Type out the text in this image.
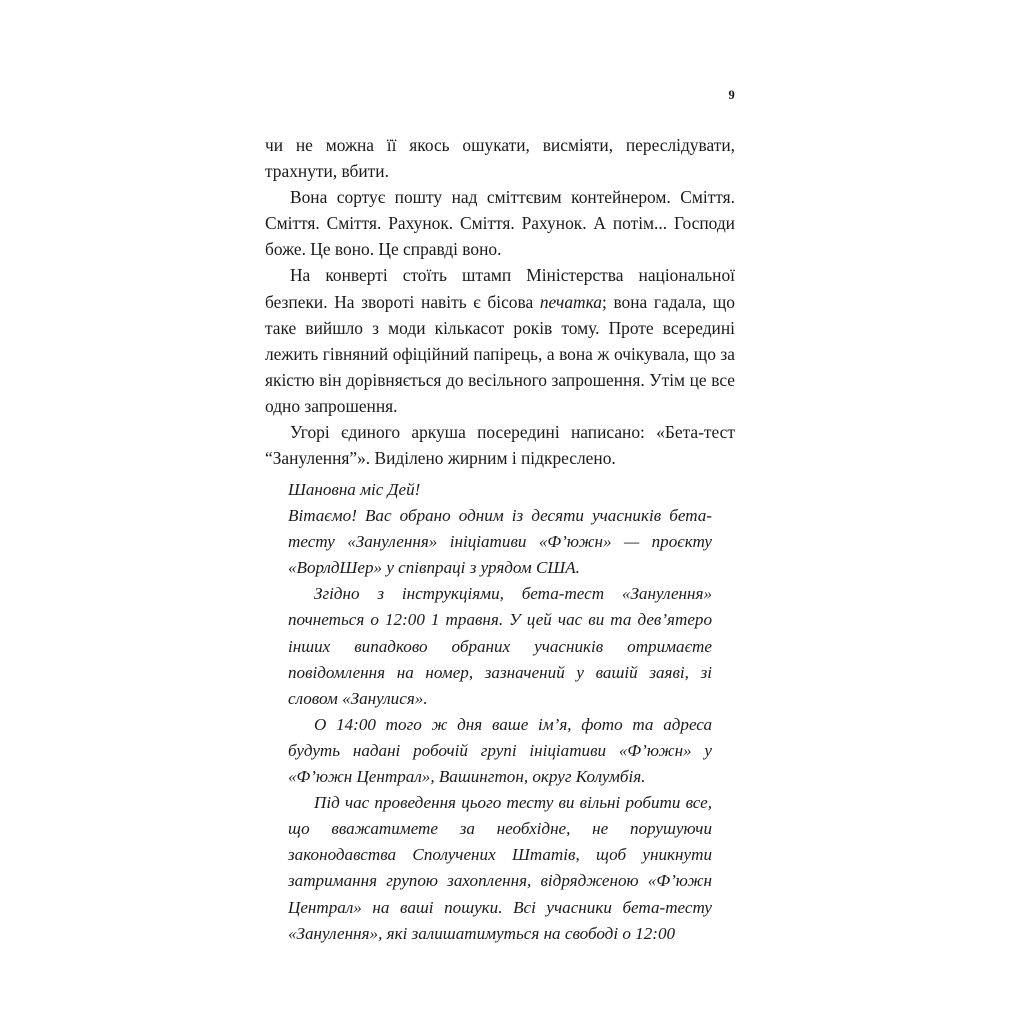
9

чи не можна її якось ошукати, висміяти, переслідувати, трахнути, вбити.

Вона сортує пошту над сміттєвим контейнером. Сміття. Сміття. Сміття. Рахунок. Сміття. Рахунок. А потім... Господи боже. Це воно. Це справді воно.

На конверті стоїть штамп Міністерства національної безпеки. На звороті навіть є бісова печатка; вона гадала, що таке вийшло з моди кількасот років тому. Проте всередині лежить гівняний офіційний папірець, а вона ж очікувала, що за якістю він дорівняється до весільного запрошення. Утім це все одно запрошення.

Угорі єдиного аркуша посередині написано: «Бета-тест “Занулення”». Виділено жирним і підкреслено.

Шановна міс Дей!

Вітаємо! Вас обрано одним із десяти учасників бета-тесту «Занулення» ініціативи «Ф’южн» — проєкту «ВорлдШер» у співпраці з урядом США.

Згідно з інструкціями, бета-тест «Занулення» почнеться о 12:00 1 травня. У цей час ви та дев’ятеро інших випадково обраних учасників отримаєте повідомлення на номер, зазначений у вашій заяві, зі словом «Занулися».

О 14:00 того ж дня ваше ім’я, фото та адреса будуть надані робочій групі ініціативи «Ф’южн» у «Ф’южн Централ», Вашингтон, округ Колумбія.

Під час проведення цього тесту ви вільні робити все, що вважатимете за необхідне, не порушуючи законодавства Сполучених Штатів, щоб уникнути затримання групою захоплення, відрядженою «Ф’южн Централ» на ваші пошуки. Всі учасники бета-тесту «Занулення», які залишатимуться на свободі о 12:00
